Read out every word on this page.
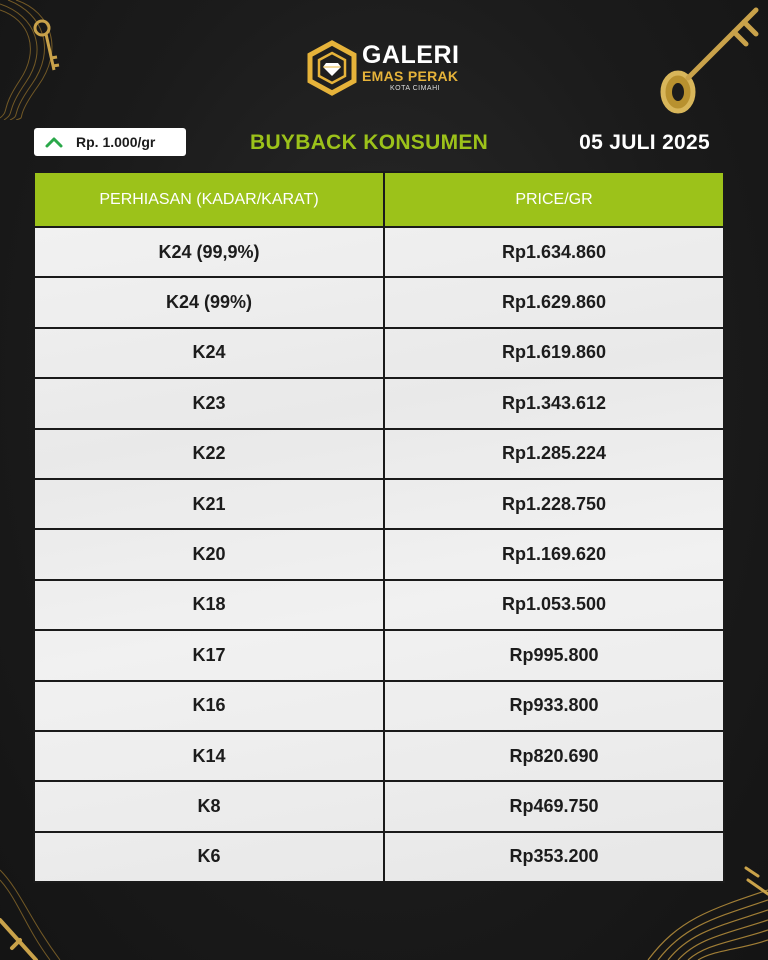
GALERI
EMAS PERAK
KOTA CIMAHI
Rp. 1.000/gr	BUYBACK KONSUMEN	05 JULI 2025
PERHIASAN (KADAR/KARAT)	PRICE/GR
K24 (99,9%)	Rp1.634.860
K24 (99%)	Rp1.629.860
K24	Rp1.619.860
K23	Rp1.343.612
K22	Rp1.285.224
K21	Rp1.228.750
K20	Rp1.169.620
K18	Rp1.053.500
K17	Rp995.800
K16	Rp933.800
K14	Rp820.690
K8	Rp469.750
K6	Rp353.200
